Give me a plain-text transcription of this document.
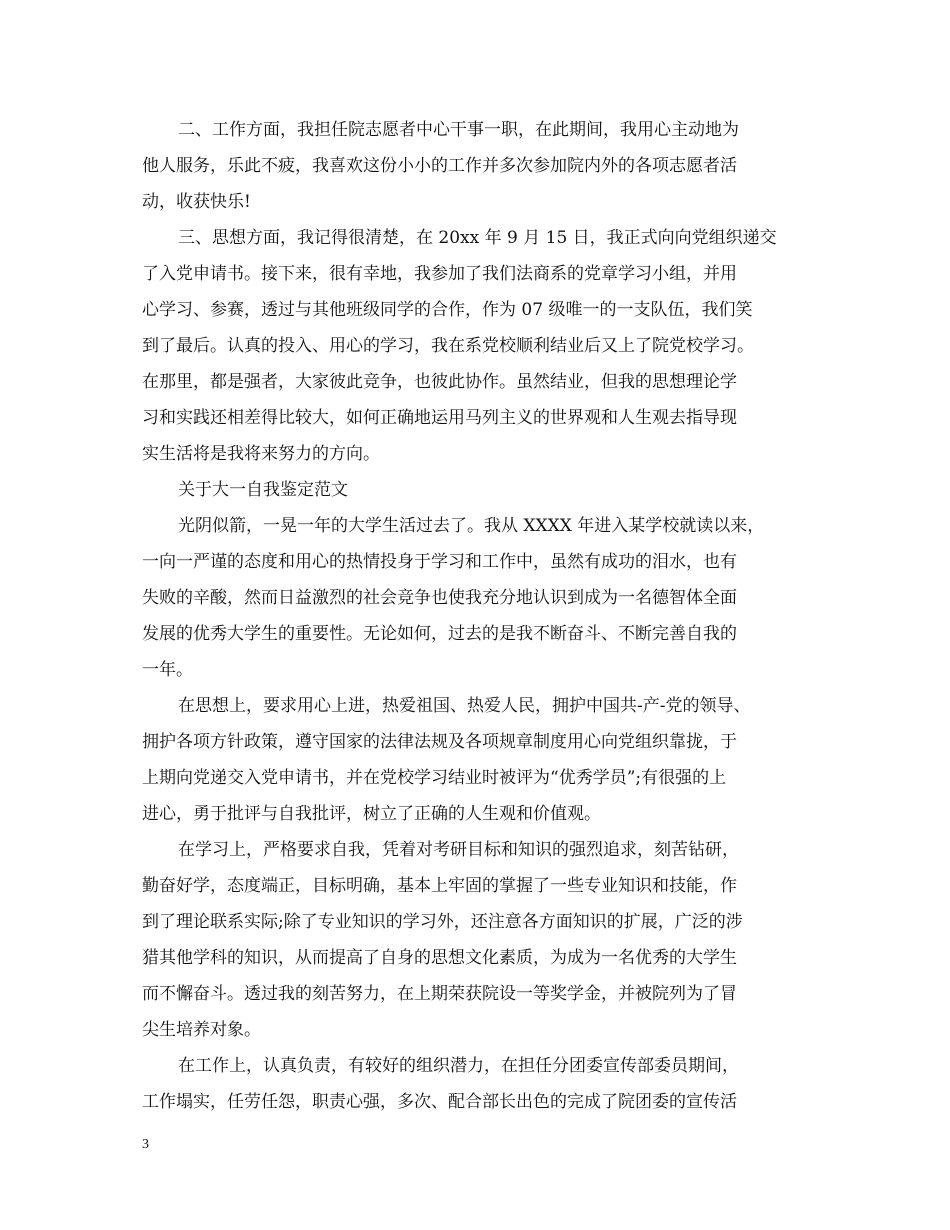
二、工作方面，我担任院志愿者中心干事一职，在此期间，我用心主动地为

他人服务，乐此不疲，我喜欢这份小小的工作并多次参加院内外的各项志愿者活

动，收获快乐!

三、思想方面，我记得很清楚，在 20xx 年 9 月 15 日，我正式向向党组织递交

了入党申请书。接下来，很有幸地，我参加了我们法商系的党章学习小组，并用

心学习、参赛，透过与其他班级同学的合作，作为 07 级唯一的一支队伍，我们笑

到了最后。认真的投入、用心的学习，我在系党校顺利结业后又上了院党校学习。

在那里，都是强者，大家彼此竞争，也彼此协作。虽然结业，但我的思想理论学

习和实践还相差得比较大，如何正确地运用马列主义的世界观和人生观去指导现

实生活将是我将来努力的方向。

关于大一自我鉴定范文

光阴似箭，一晃一年的大学生活过去了。我从 XXXX 年进入某学校就读以来，

一向一严谨的态度和用心的热情投身于学习和工作中，虽然有成功的泪水，也有

失败的辛酸，然而日益激烈的社会竞争也使我充分地认识到成为一名德智体全面

发展的优秀大学生的重要性。无论如何，过去的是我不断奋斗、不断完善自我的

一年。

在思想上，要求用心上进，热爱祖国、热爱人民，拥护中国共-产-党的领导、

拥护各项方针政策，遵守国家的法律法规及各项规章制度用心向党组织靠拢，于

上期向党递交入党申请书，并在党校学习结业时被评为“优秀学员”;有很强的上

进心，勇于批评与自我批评，树立了正确的人生观和价值观。

在学习上，严格要求自我，凭着对考研目标和知识的强烈追求，刻苦钻研，

勤奋好学，态度端正，目标明确，基本上牢固的掌握了一些专业知识和技能，作

到了理论联系实际;除了专业知识的学习外，还注意各方面知识的扩展，广泛的涉

猎其他学科的知识，从而提高了自身的思想文化素质，为成为一名优秀的大学生

而不懈奋斗。透过我的刻苦努力，在上期荣获院设一等奖学金，并被院列为了冒

尖生培养对象。

在工作上，认真负责，有较好的组织潜力，在担任分团委宣传部委员期间，

工作塌实，任劳任怨，职责心强，多次、配合部长出色的完成了院团委的宣传活

3
